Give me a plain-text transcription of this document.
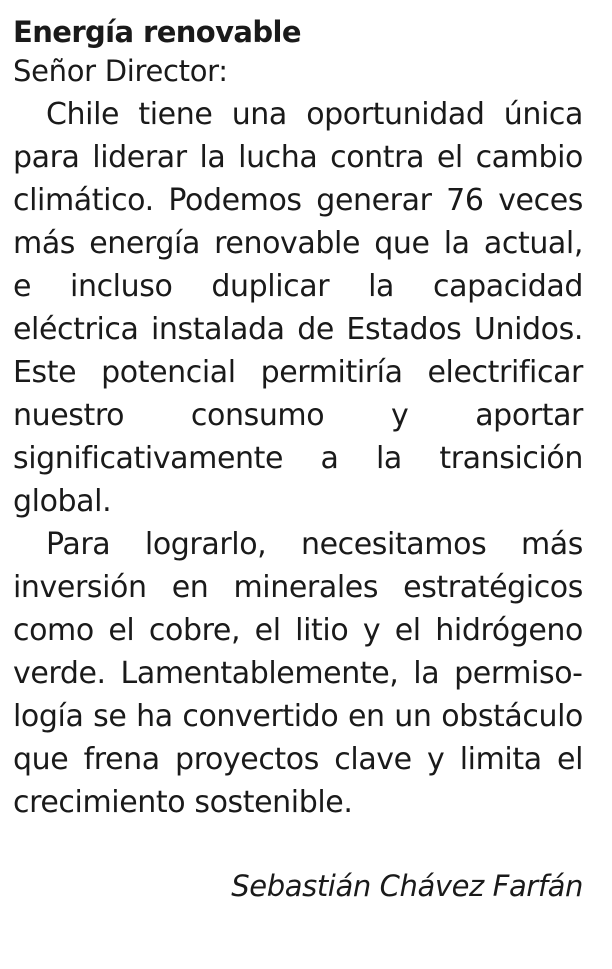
Energía renovable

Señor Director:

Chile tiene una oportunidad única para liderar la lucha contra el cambio climático. Podemos generar 76 veces más energía renovable que la actual, e incluso duplicar la capacidad eléctrica instalada de Estados Unidos. Este potencial permitiría electrificar nuestro consumo y aportar significativamente a la transición global.

Para lograrlo, necesitamos más inversión en minerales estratégicos como el cobre, el litio y el hidrógeno verde. Lamentablemente, la permisología se ha convertido en un obstáculo que frena proyectos clave y limita el crecimiento sostenible.

Sebastián Chávez Farfán
